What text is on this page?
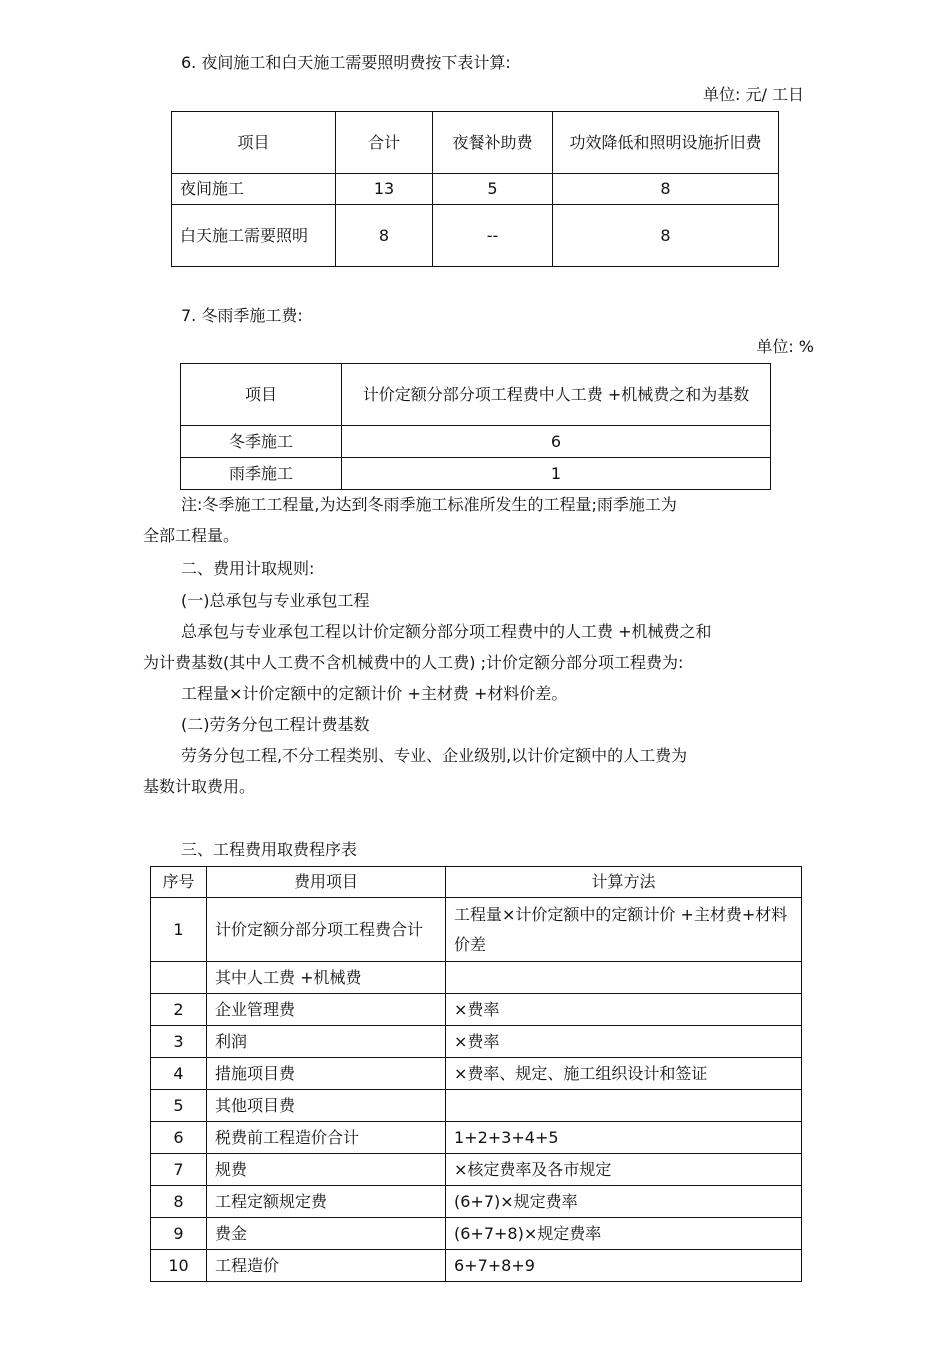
6. 夜间施工和白天施工需要照明费按下表计算:
单位: 元/ 工日
项目	合计	夜餐补助费	功效降低和照明设施折旧费
夜间施工	13	5	8
白天施工需要照明	8	--	8
7. 冬雨季施工费:
单位: %
项目	计价定额分部分项工程费中人工费 +机械费之和为基数
冬季施工	6
雨季施工	1
注:冬季施工工程量,为达到冬雨季施工标准所发生的工程量;雨季施工为
全部工程量。
二、费用计取规则:
(一)总承包与专业承包工程
总承包与专业承包工程以计价定额分部分项工程费中的人工费 +机械费之和
为计费基数(其中人工费不含机械费中的人工费) ;计价定额分部分项工程费为:
工程量×计价定额中的定额计价 +主材费 +材料价差。
(二)劳务分包工程计费基数
劳务分包工程,不分工程类别、专业、企业级别,以计价定额中的人工费为
基数计取费用。
三、工程费用取费程序表
序号	费用项目	计算方法
1	计价定额分部分项工程费合计	工程量×计价定额中的定额计价 +主材费+材料价差
	其中人工费 +机械费	
2	企业管理费	×费率
3	利润	×费率
4	措施项目费	×费率、规定、施工组织设计和签证
5	其他项目费	
6	税费前工程造价合计	1+2+3+4+5
7	规费	×核定费率及各市规定
8	工程定额规定费	(6+7)×规定费率
9	费金	(6+7+8)×规定费率
10	工程造价	6+7+8+9
